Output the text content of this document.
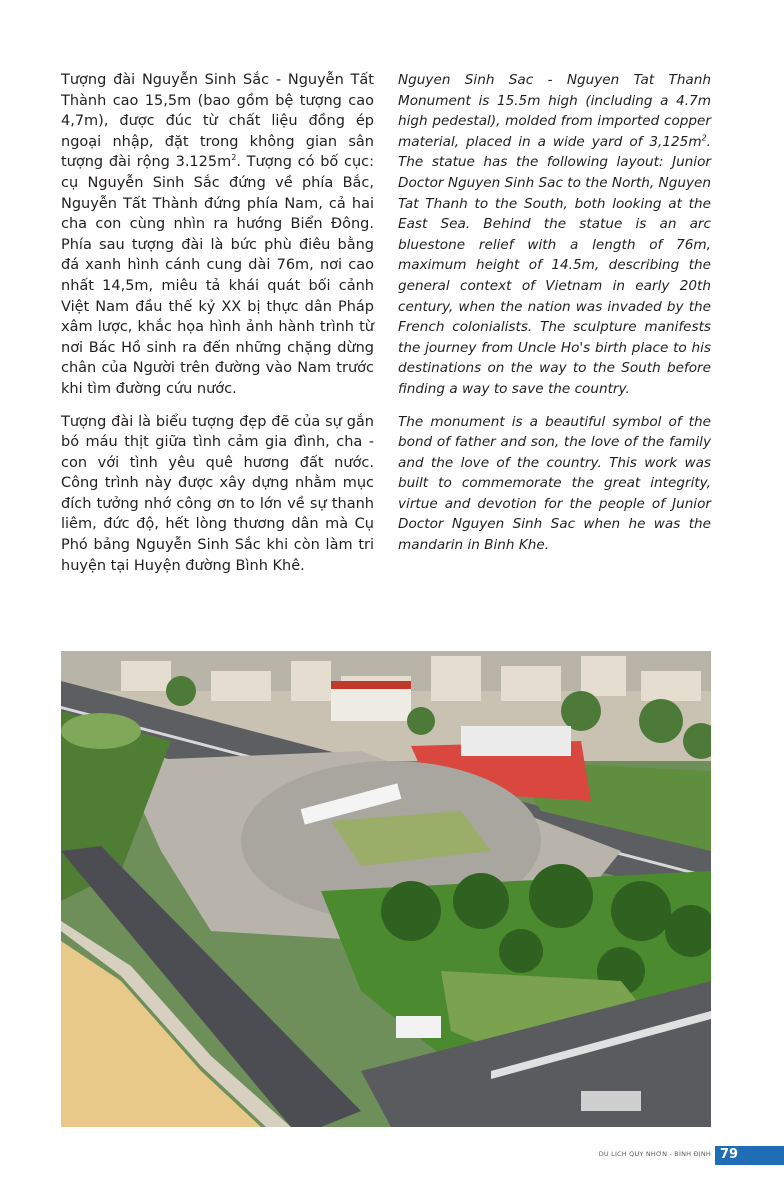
Tượng đài Nguyễn Sinh Sắc - Nguyễn Tất Thành cao 15,5m (bao gồm bệ tượng cao 4,7m), được đúc từ chất liệu đồng ép ngoại nhập, đặt trong không gian sân tượng đài rộng $3.125m^2$. Tượng có bố cục: cụ Nguyễn Sinh Sắc đứng về phía Bắc, Nguyễn Tất Thành đứng phía Nam, cả hai cha con cùng nhìn ra hướng Biển Đông. Phía sau tượng đài là bức phù điêu bằng đá xanh hình cánh cung dài 76m, nơi cao nhất 14,5m, miêu tả khái quát bối cảnh Việt Nam đầu thế kỷ XX bị thực dân Pháp xâm lược, khắc họa hình ảnh hành trình từ nơi Bác Hồ sinh ra đến những chặng dừng chân của Người trên đường vào Nam trước khi tìm đường cứu nước.

Tượng đài là biểu tượng đẹp đẽ của sự gắn bó máu thịt giữa tình cảm gia đình, cha - con với tình yêu quê hương đất nước. Công trình này được xây dựng nhằm mục đích tưởng nhớ công ơn to lớn về sự thanh liêm, đức độ, hết lòng thương dân mà Cụ Phó bảng Nguyễn Sinh Sắc khi còn làm tri huyện tại Huyện đường Bình Khê.

Nguyen Sinh Sac - Nguyen Tat Thanh Monument is 15.5m high (including a 4.7m high pedestal), molded from imported copper material, placed in a wide yard of $3,125m^2$. The statue has the following layout: Junior Doctor Nguyen Sinh Sac to the North, Nguyen Tat Thanh to the South, both looking at the East Sea. Behind the statue is an arc bluestone relief with a length of 76m, maximum height of 14.5m, describing the general context of Vietnam in early 20th century, when the nation was invaded by the French colonialists. The sculpture manifests the journey from Uncle Ho's birth place to his destinations on the way to the South before finding a way to save the country.

The monument is a beautiful symbol of the bond of father and son, the love of the family and the love of the country. This work was built to commemorate the great integrity, virtue and devotion for the people of Junior Doctor Nguyen Sinh Sac when he was the mandarin in Binh Khe.

DU LỊCH QUY NHƠN - BÌNH ĐỊNH 79
